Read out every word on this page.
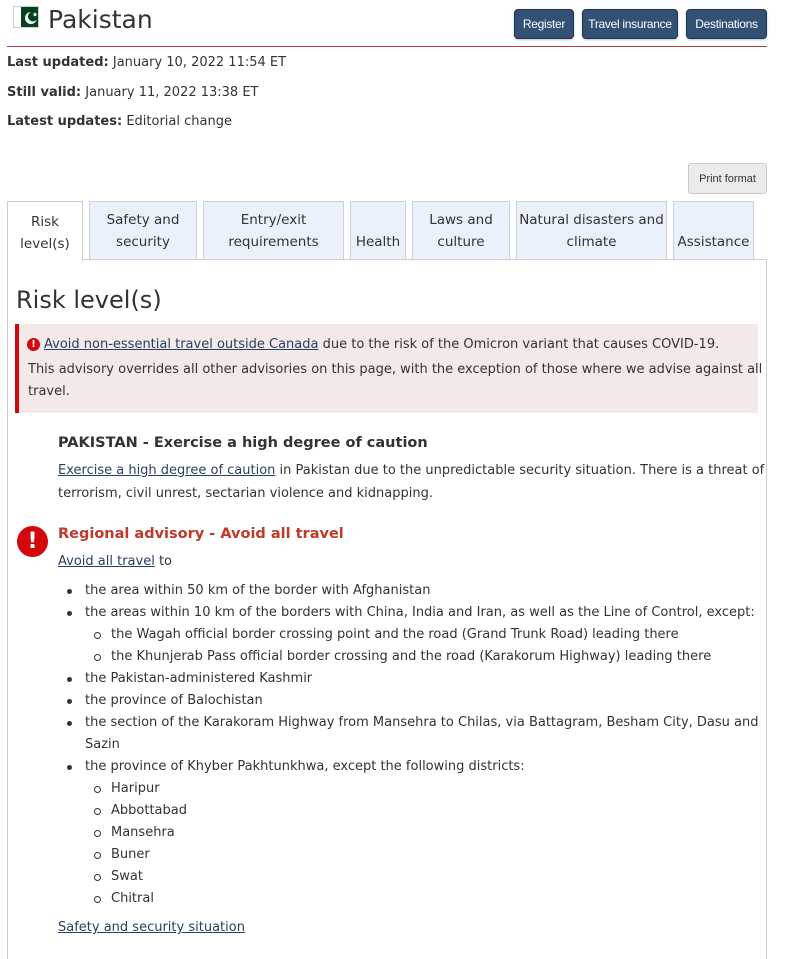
Pakistan	Register	Travel insurance	Destinations
Last updated: January 10, 2022 11:54 ET
Still valid: January 11, 2022 13:38 ET
Latest updates: Editorial change
Print format
Risk
level(s)
Safety and
security
Entry/exit
requirements	Health
Laws and
culture
Natural disasters and
climate	Assistance
Risk level(s)
! Avoid non-essential travel outside Canada due to the risk of the Omicron variant that causes COVID-19.
This advisory overrides all other advisories on this page, with the exception of those where we advise against all
travel.
PAKISTAN - Exercise a high degree of caution
Exercise a high degree of caution in Pakistan due to the unpredictable security situation. There is a threat of
terrorism, civil unrest, sectarian violence and kidnapping.
!	Regional advisory - Avoid all travel
Avoid all travel to
the area within 50 km of the border with Afghanistan
the areas within 10 km of the borders with China, India and Iran, as well as the Line of Control, except:
the Wagah official border crossing point and the road (Grand Trunk Road) leading there
the Khunjerab Pass official border crossing and the road (Karakorum Highway) leading there
the Pakistan-administered Kashmir
the province of Balochistan
the section of the Karakoram Highway from Mansehra to Chilas, via Battagram, Besham City, Dasu and
Sazin
the province of Khyber Pakhtunkhwa, except the following districts:
Haripur
Abbottabad
Mansehra
Buner
Swat
Chitral
Safety and security situation
